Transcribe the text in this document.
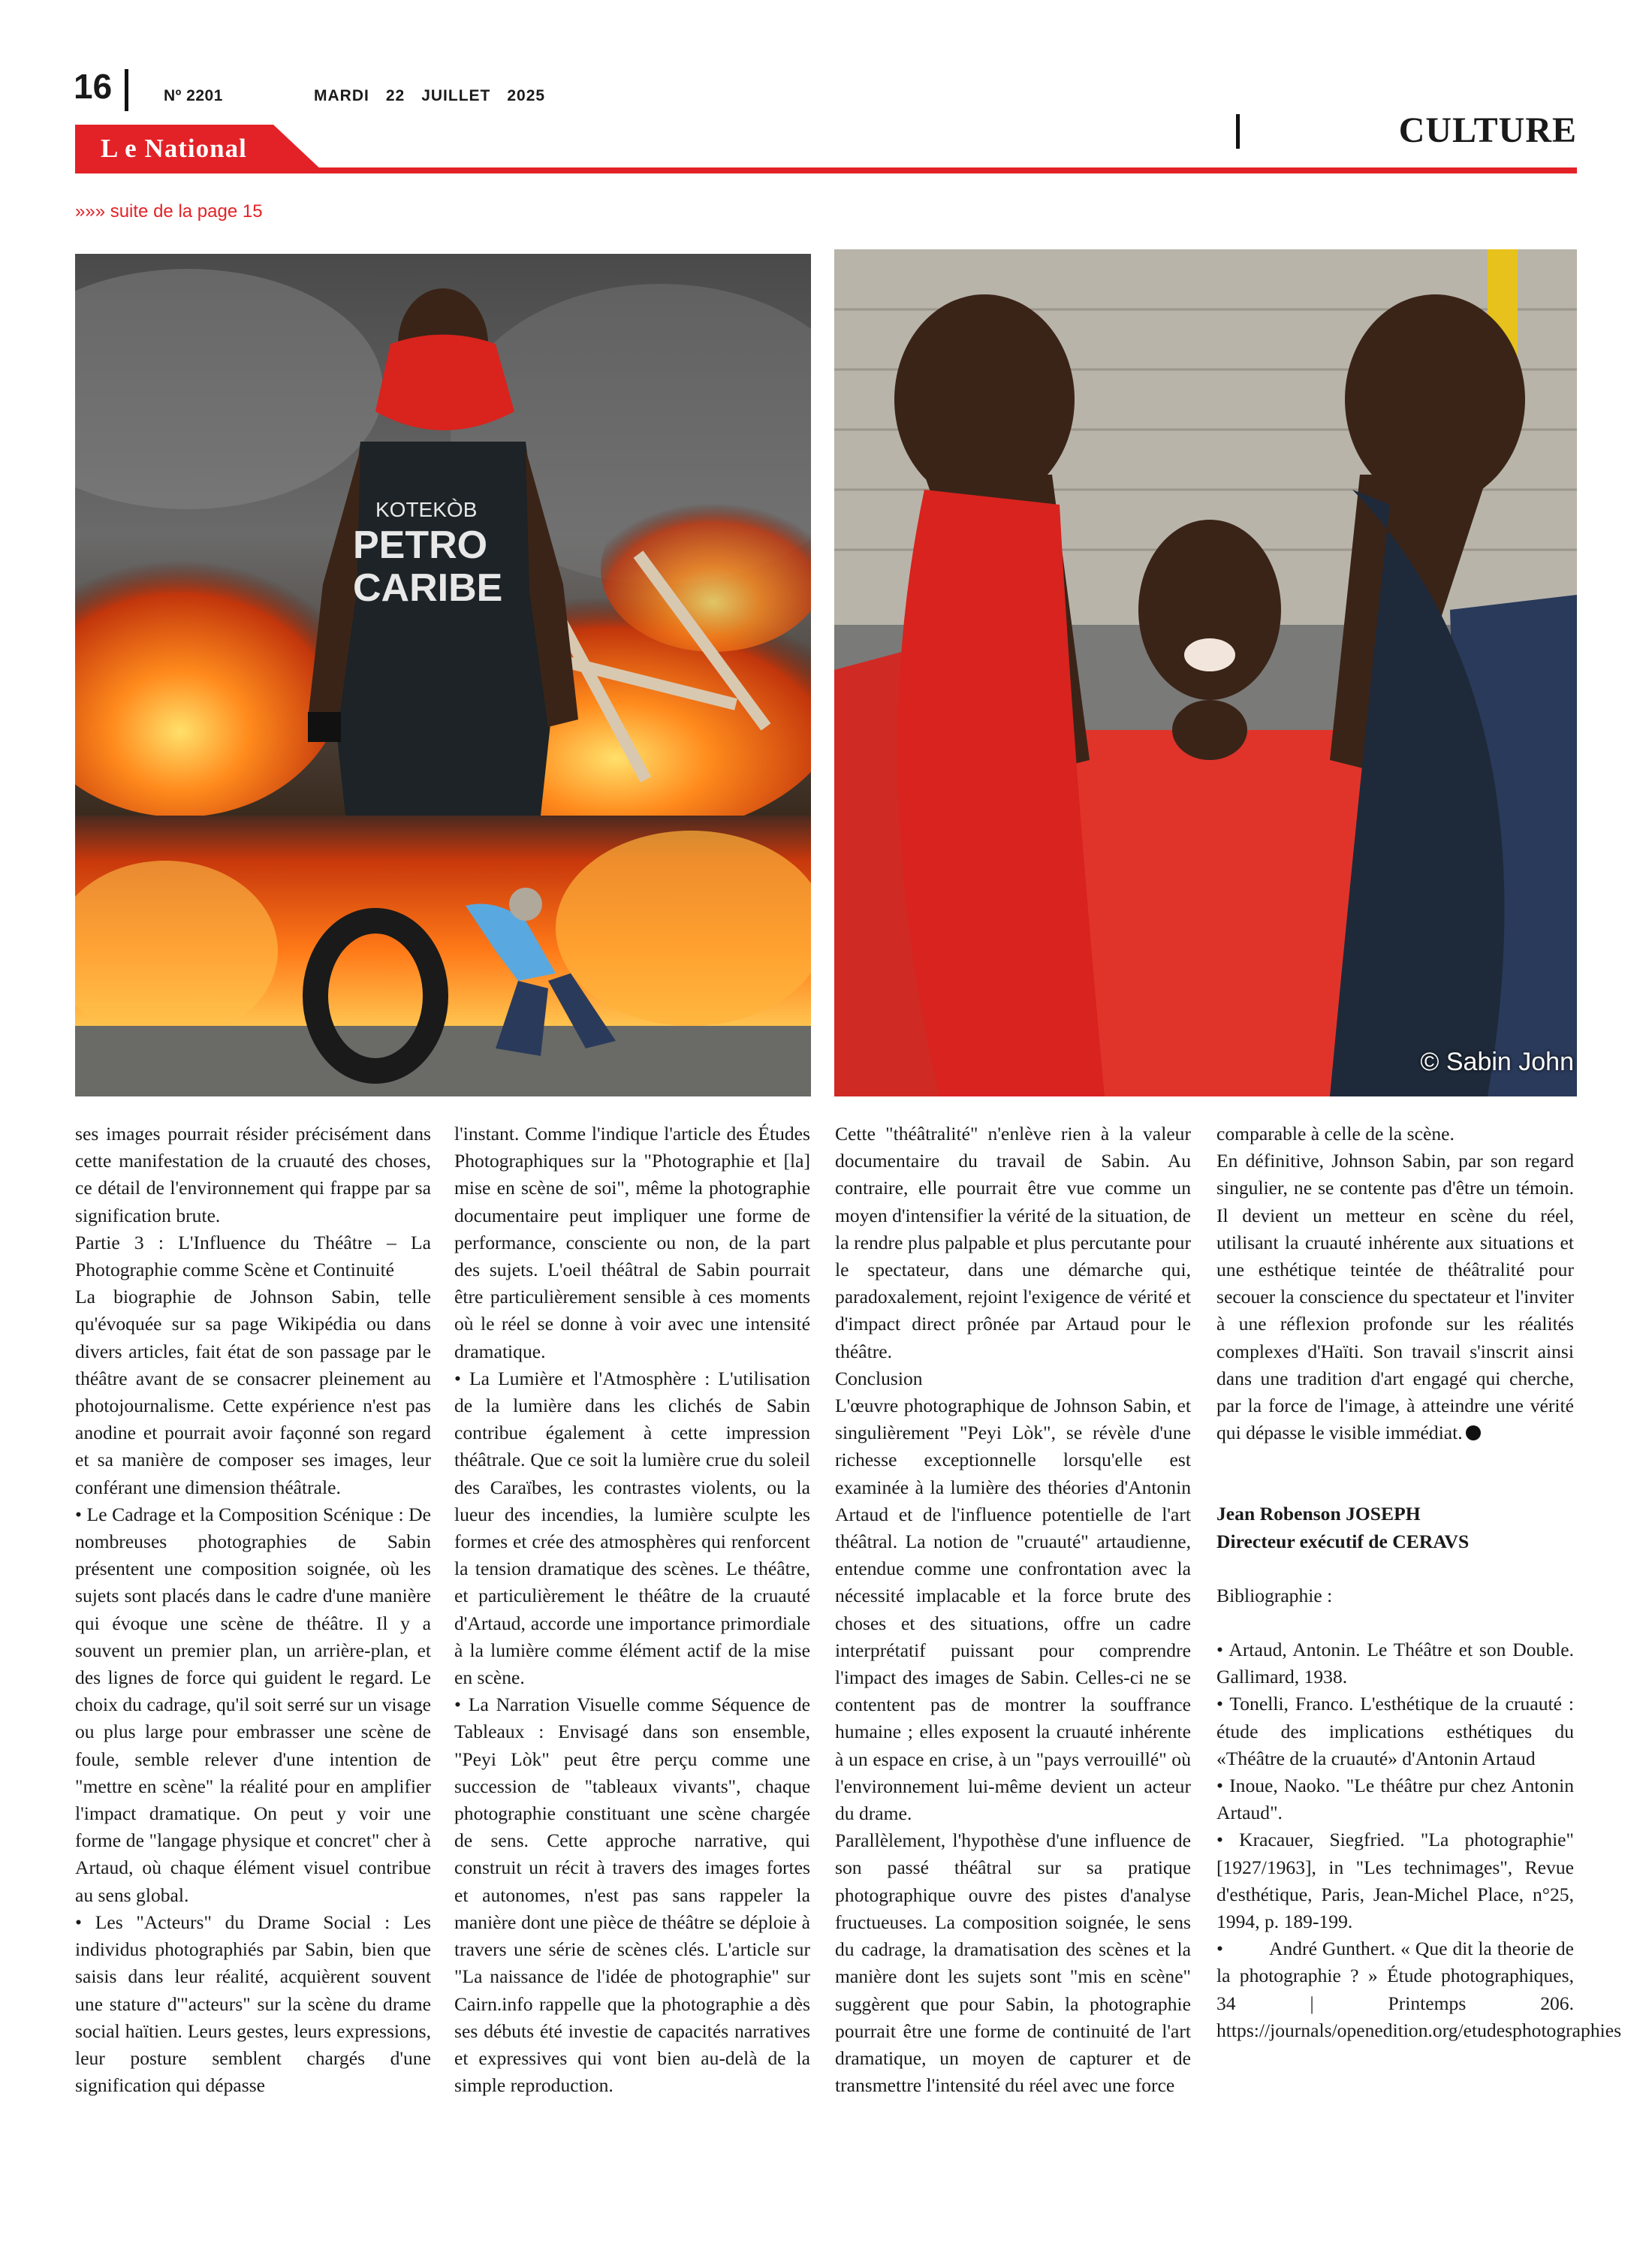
16	Nº 2201	MARDI 22 JUILLET 2025
L e National	CULTURE
»»» suite de la page 15
KOTEKÒB
PETRO
CARIBE
© Sabin John

ses images pourrait résider précisément dans cette manifestation de la cruauté des choses, ce détail de l'environnement qui frappe par sa signification brute.

Partie 3 : L'Influence du Théâtre – La Photographie comme Scène et Continuité

La biographie de Johnson Sabin, telle qu'évoquée sur sa page Wikipédia ou dans divers articles, fait état de son passage par le théâtre avant de se consacrer pleinement au photojournalisme. Cette expérience n'est pas anodine et pourrait avoir façonné son regard et sa manière de composer ses images, leur conférant une dimension théâtrale.

• Le Cadrage et la Composition Scénique : De nombreuses photographies de Sabin présentent une composition soignée, où les sujets sont placés dans le cadre d'une manière qui évoque une scène de théâtre. Il y a souvent un premier plan, un arrière-plan, et des lignes de force qui guident le regard. Le choix du cadrage, qu'il soit serré sur un visage ou plus large pour embrasser une scène de foule, semble relever d'une intention de "mettre en scène" la réalité pour en amplifier l'impact dramatique. On peut y voir une forme de "langage physique et concret" cher à Artaud, où chaque élément visuel contribue au sens global.

• Les "Acteurs" du Drame Social : Les individus photographiés par Sabin, bien que saisis dans leur réalité, acquièrent souvent une stature d'"acteurs" sur la scène du drame social haïtien. Leurs gestes, leurs expressions, leur posture semblent chargés d'une signification qui dépasse

l'instant. Comme l'indique l'article des Études Photographiques sur la "Photographie et [la] mise en scène de soi", même la photographie documentaire peut impliquer une forme de performance, consciente ou non, de la part des sujets. L'oeil théâtral de Sabin pourrait être particulièrement sensible à ces moments où le réel se donne à voir avec une intensité dramatique.

• La Lumière et l'Atmosphère : L'utilisation de la lumière dans les clichés de Sabin contribue également à cette impression théâtrale. Que ce soit la lumière crue du soleil des Caraïbes, les contrastes violents, ou la lueur des incendies, la lumière sculpte les formes et crée des atmosphères qui renforcent la tension dramatique des scènes. Le théâtre, et particulièrement le théâtre de la cruauté d'Artaud, accorde une importance primordiale à la lumière comme élément actif de la mise en scène.

• La Narration Visuelle comme Séquence de Tableaux : Envisagé dans son ensemble, "Peyi Lòk" peut être perçu comme une succession de "tableaux vivants", chaque photographie constituant une scène chargée de sens. Cette approche narrative, qui construit un récit à travers des images fortes et autonomes, n'est pas sans rappeler la manière dont une pièce de théâtre se déploie à travers une série de scènes clés. L'article sur "La naissance de l'idée de photographie" sur Cairn.info rappelle que la photographie a dès ses débuts été investie de capacités narratives et expressives qui vont bien au-delà de la simple reproduction.

Cette "théâtralité" n'enlève rien à la valeur documentaire du travail de Sabin. Au contraire, elle pourrait être vue comme un moyen d'intensifier la vérité de la situation, de la rendre plus palpable et plus percutante pour le spectateur, dans une démarche qui, paradoxalement, rejoint l'exigence de vérité et d'impact direct prônée par Artaud pour le théâtre.

Conclusion

L'œuvre photographique de Johnson Sabin, et singulièrement "Peyi Lòk", se révèle d'une richesse exceptionnelle lorsqu'elle est examinée à la lumière des théories d'Antonin Artaud et de l'influence potentielle de l'art théâtral. La notion de "cruauté" artaudienne, entendue comme une confrontation avec la nécessité implacable et la force brute des choses et des situations, offre un cadre interprétatif puissant pour comprendre l'impact des images de Sabin. Celles-ci ne se contentent pas de montrer la souffrance humaine ; elles exposent la cruauté inhérente à un espace en crise, à un "pays verrouillé" où l'environnement lui-même devient un acteur du drame.

Parallèlement, l'hypothèse d'une influence de son passé théâtral sur sa pratique photographique ouvre des pistes d'analyse fructueuses. La composition soignée, le sens du cadrage, la dramatisation des scènes et la manière dont les sujets sont "mis en scène" suggèrent que pour Sabin, la photographie pourrait être une forme de continuité de l'art dramatique, un moyen de capturer et de transmettre l'intensité du réel avec une force

comparable à celle de la scène.

En définitive, Johnson Sabin, par son regard singulier, ne se contente pas d'être un témoin. Il devient un metteur en scène du réel, utilisant la cruauté inhérente aux situations et une esthétique teintée de théâtralité pour secouer la conscience du spectateur et l'inviter à une réflexion profonde sur les réalités complexes d'Haïti. Son travail s'inscrit ainsi dans une tradition d'art engagé qui cherche, par la force de l'image, à atteindre une vérité qui dépasse le visible immédiat.

Jean Robenson JOSEPH

Directeur exécutif de CERAVS

Bibliographie :

• Artaud, Antonin. Le Théâtre et son Double. Gallimard, 1938.

• Tonelli, Franco. L'esthétique de la cruauté : étude des implications esthétiques du «Théâtre de la cruauté» d'Antonin Artaud

• Inoue, Naoko. "Le théâtre pur chez Antonin Artaud".

• Kracauer, Siegfried. "La photographie" [1927/1963], in "Les technimages", Revue d'esthétique, Paris, Jean-Michel Place, n°25, 1994, p. 189-199.

•         André Gunthert. « Que dit la theorie de la photographie ? » Étude photographiques, 34 | Printemps 206. https://journals/openedition.org/etudesphotographies
